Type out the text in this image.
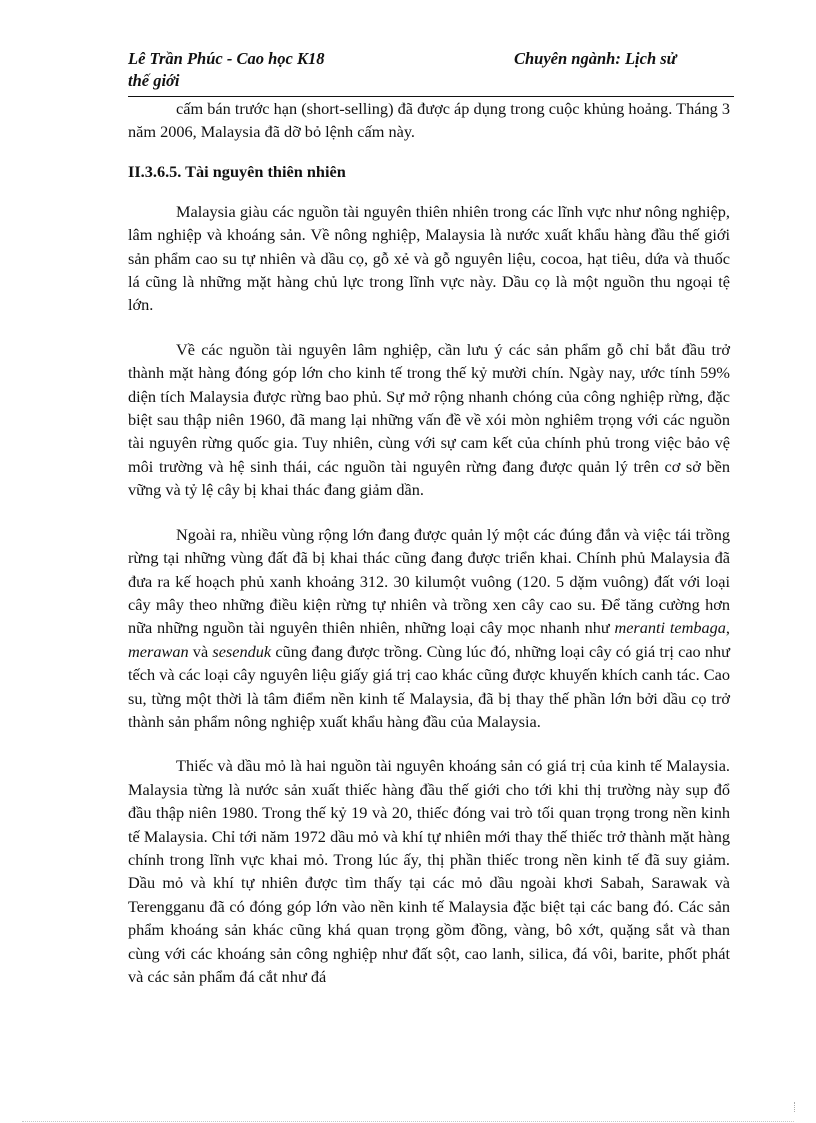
Lê Trần Phúc - Cao học K18	Chuyên ngành: Lịch sử
thế giới

cấm bán trước hạn (short-selling) đã được áp dụng trong cuộc khủng hoảng. Tháng 3 năm 2006, Malaysia đã dỡ bỏ lệnh cấm này.

II.3.6.5. Tài nguyên thiên nhiên

Malaysia giàu các nguồn tài nguyên thiên nhiên trong các lĩnh vực như nông nghiệp, lâm nghiệp và khoáng sản. Về nông nghiệp, Malaysia là nước xuất khẩu hàng đầu thế giới sản phẩm cao su tự nhiên và dầu cọ, gỗ xẻ và gỗ nguyên liệu, cocoa, hạt tiêu, dứa và thuốc lá cũng là những mặt hàng chủ lực trong lĩnh vực này. Dầu cọ là một nguồn thu ngoại tệ lớn.

Về các nguồn tài nguyên lâm nghiệp, cần lưu ý các sản phẩm gỗ chỉ bắt đầu trở thành mặt hàng đóng góp lớn cho kinh tế trong thế kỷ mười chín. Ngày nay, ước tính 59% diện tích Malaysia được rừng bao phủ. Sự mở rộng nhanh chóng của công nghiệp rừng, đặc biệt sau thập niên 1960, đã mang lại những vấn đề về xói mòn nghiêm trọng với các nguồn tài nguyên rừng quốc gia. Tuy nhiên, cùng với sự cam kết của chính phủ trong việc bảo vệ môi trường và hệ sinh thái, các nguồn tài nguyên rừng đang được quản lý trên cơ sở bền vững và tỷ lệ cây bị khai thác đang giảm dần.

Ngoài ra, nhiều vùng rộng lớn đang được quản lý một các đúng đắn và việc tái trồng rừng tại những vùng đất đã bị khai thác cũng đang được triển khai. Chính phủ Malaysia đã đưa ra kế hoạch phủ xanh khoảng 312. 30 kilumột vuông (120. 5 dặm vuông) đất với loại cây mây theo những điều kiện rừng tự nhiên và trồng xen cây cao su. Để tăng cường hơn nữa những nguồn tài nguyên thiên nhiên, những loại cây mọc nhanh như meranti tembaga, merawan và sesenduk cũng đang được trồng. Cùng lúc đó, những loại cây có giá trị cao như tếch và các loại cây nguyên liệu giấy giá trị cao khác cũng được khuyến khích canh tác. Cao su, từng một thời là tâm điểm nền kinh tế Malaysia, đã bị thay thế phần lớn bởi dầu cọ trở thành sản phẩm nông nghiệp xuất khẩu hàng đầu của Malaysia.

Thiếc và dầu mỏ là hai nguồn tài nguyên khoáng sản có giá trị của kinh tế Malaysia. Malaysia từng là nước sản xuất thiếc hàng đầu thế giới cho tới khi thị trường này sụp đổ đầu thập niên 1980. Trong thế kỷ 19 và 20, thiếc đóng vai trò tối quan trọng trong nền kinh tế Malaysia. Chỉ tới năm 1972 dầu mỏ và khí tự nhiên mới thay thế thiếc trở thành mặt hàng chính trong lĩnh vực khai mỏ. Trong lúc ấy, thị phần thiếc trong nền kinh tế đã suy giảm. Dầu mỏ và khí tự nhiên được tìm thấy tại các mỏ dầu ngoài khơi Sabah, Sarawak và Terengganu đã có đóng góp lớn vào nền kinh tế Malaysia đặc biệt tại các bang đó. Các sản phẩm khoáng sản khác cũng khá quan trọng gồm đồng, vàng, bô xớt, quặng sắt và than cùng với các khoáng sản công nghiệp như đất sột, cao lanh, silica, đá vôi, barite, phốt phát và các sản phẩm đá cắt như đá
